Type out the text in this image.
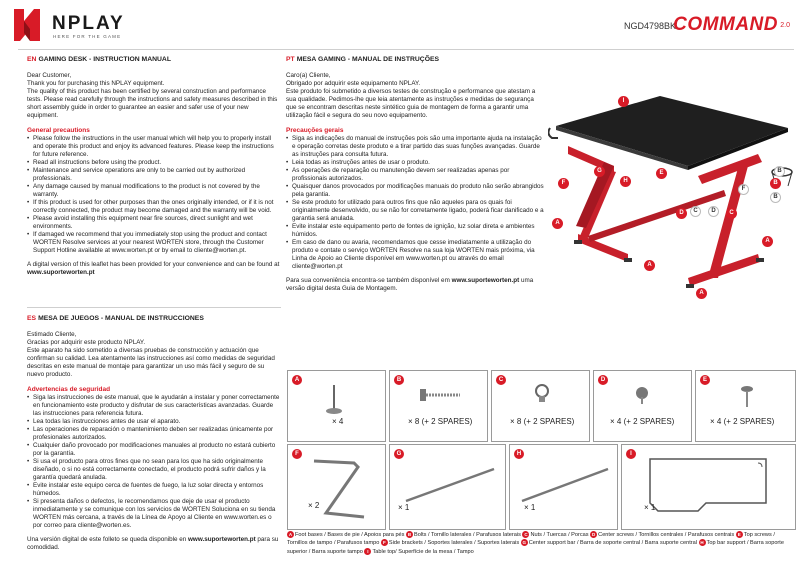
NPLAY
HERE FOR THE GAME
NGD4798BK
COMMAND 2.0
EN GAMING DESK - INSTRUCTION MANUAL

Dear Customer,

Thank you for purchasing this NPLAY equipment.

The quality of this product has been certified by several construction and performance tests. Please read carefully through the instructions and safety measures described in this short assembly guide in order to guarantee an easier and safer use of your new equipment.

General precautions
• Please follow the instructions in the user manual which will help you to properly install and operate this product and enjoy its advanced features. Please keep the instructions for future reference.
• Read all instructions before using the product.
• Maintenance and service operations are only to be carried out by authorized professionals.
• Any damage caused by manual modifications to the product is not covered by the warranty.
• If this product is used for other purposes than the ones originally intended, or if it is not correctly connected, the product may become damaged and the warranty will be void.
• Please avoid installing this equipment near fire sources, direct sunlight and wet environments.
• If damaged we recommend that you immediately stop using the product and contact WORTEN Resolve services at your nearest WORTEN store, through the Customer Support Hotline available at www.worten.pt or by email to cliente@worten.pt.

A digital version of this leaflet has been provided for your convenience and can be found at www.suporteworten.pt

PT MESA GAMING - MANUAL DE INSTRUÇÕES

Caro(a) Cliente,

Obrigado por adquirir este equipamento NPLAY.

Este produto foi submetido a diversos testes de construção e performance que atestam a sua qualidade. Pedimos-lhe que leia atentamente as instruções e medidas de segurança que se encontram descritas neste sintético guia de montagem de forma a garantir uma utilização fácil e segura do seu novo equipamento.

Precauções gerais
• Siga as indicações do manual de instruções pois são uma importante ajuda na instalação e operação corretas deste produto e a tirar partido das suas funções avançadas. Guarde as instruções para consulta futura.
• Leia todas as instruções antes de usar o produto.
• As operações de reparação ou manutenção devem ser realizadas apenas por profissionais autorizados.
• Quaisquer danos provocados por modificações manuais do produto não serão abrangidos pela garantia.
• Se este produto for utilizado para outros fins que não aqueles para os quais foi originalmente desenvolvido, ou se não for corretamente ligado, poderá ficar danificado e a garantia será anulada.
• Evite instalar este equipamento perto de fontes de ignição, luz solar direta e ambientes húmidos.
• Em caso de dano ou avaria, recomendamos que cesse imediatamente a utilização do produto e contate o serviço WORTEN Resolve na sua loja WORTEN mais próxima, via Linha de Apoio ao Cliente disponível em www.worten.pt ou através do email cliente@worten.pt

Para sua conveniência encontra-se também disponível em www.suporteworten.pt uma versão digital desta Guia de Montagem.

ES MESA DE JUEGOS - MANUAL DE INSTRUCCIONES

Estimado Cliente,

Gracias por adquirir este producto NPLAY.

Este aparato ha sido sometido a diversas pruebas de construcción y actuación que confirman su calidad. Lea atentamente las instrucciones así como medidas de seguridad descritas en este manual de montaje para garantizar un uso más fácil y seguro de su nuevo producto.

Advertencias de seguridad
• Siga las instrucciones de este manual, que le ayudarán a instalar y poner correctamente en funcionamiento este producto y disfrutar de sus características avanzadas. Guarde las instrucciones para referencia futura.
• Lea todas las instrucciones antes de usar el aparato.
• Las operaciones de reparación o mantenimiento deben ser realizadas únicamente por profesionales autorizados.
• Cualquier daño provocado por modificaciones manuales al producto no estará cubierto por la garantía.
• Si usa el producto para otros fines que no sean para los que ha sido originalmente diseñado, o si no está correctamente conectado, el producto podrá sufrir daños y la garantía quedará anulada.
• Evite instalar este equipo cerca de fuentes de fuego, la luz solar directa y entornos húmedos.
• Si presenta daños o defectos, le recomendamos que deje de usar el producto inmediatamente y se comunique con los servicios de WORTEN Soluciona en su tienda WORTEN más cercana, a través de la Línea de Apoyo al Cliente en www.worten.es o por correo para cliente@worten.es.

Una versión digital de este folleto se queda disponible en www.suporteworten.pt para su comodidad.

I
H
G
F
E
D	C
B
A
A
A
A
B
B
D
C
F
A
× 4
B
× 8 (+ 2 SPARES)
C
× 8 (+ 2 SPARES)
D
× 4 (+ 2 SPARES)
E
× 4 (+ 2 SPARES)
F
× 2
G
× 1
H
× 1
I
× 1
A Foot bases / Bases de pie / Apoios para pés B Bolts / Tornillo laterales / Parafusos laterais C Nuts / Tuercas / Porcas D Center screws / Tornillos centrales / Parafusos centrais E Top screws / Tornillos de tampo / Parafusos tampo F Side brackets / Soportes laterales / Suportes laterais G Center support bar / Barra de soporte central / Barra suporte central H Top bar support / Barra soporte superior / Barra suporte tampo I Table top/ Superfície de la mesa / Tampo
